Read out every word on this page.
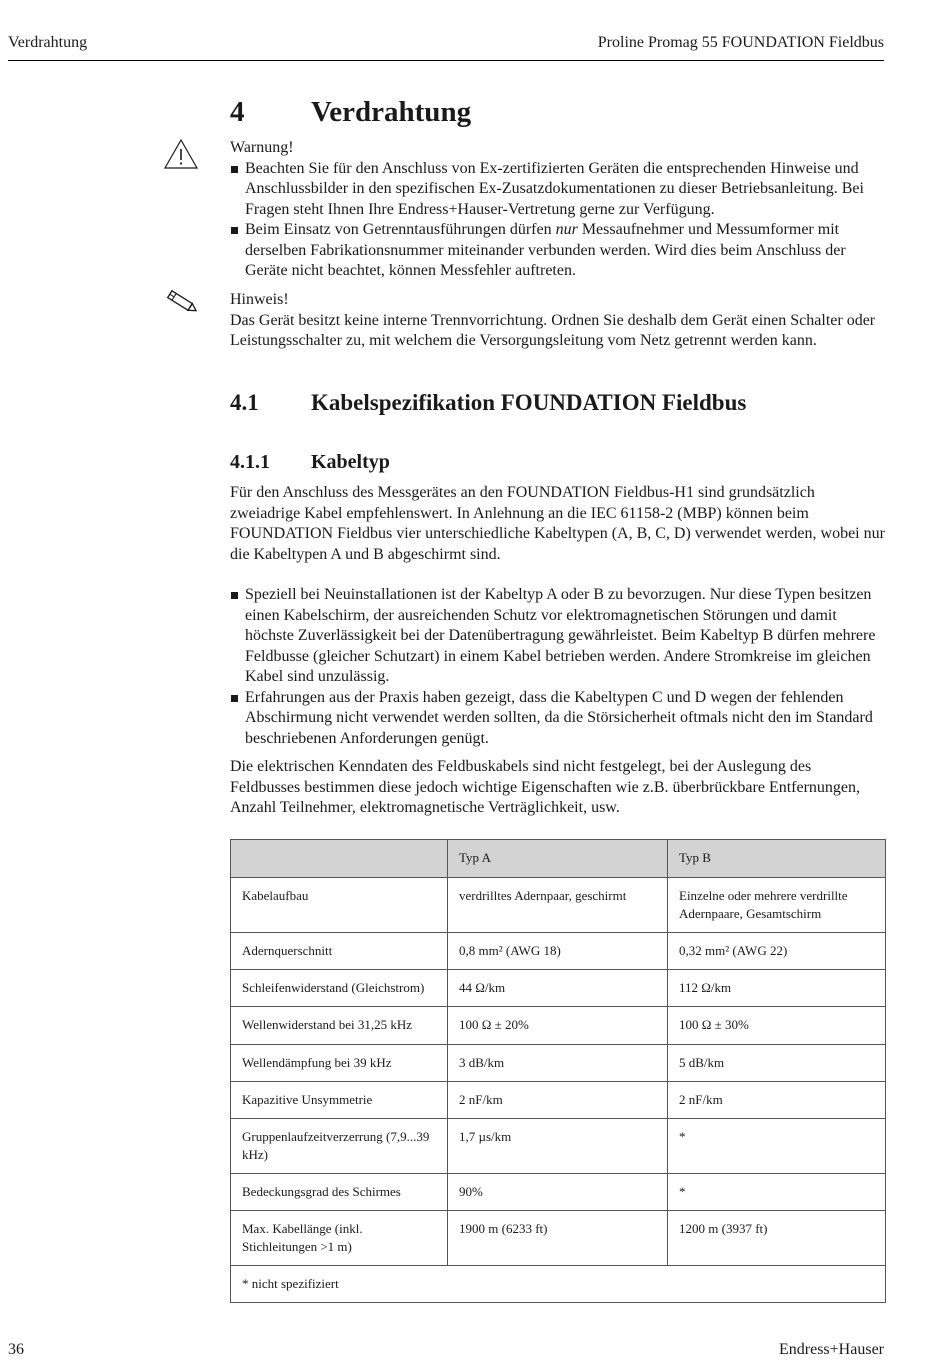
Verdrahtung	Proline Promag 55 FOUNDATION Fieldbus
4 Verdrahtung

Warnung!

Beachten Sie für den Anschluss von Ex-zertifizierten Geräten die entsprechenden Hinweise und Anschlussbilder in den spezifischen Ex-Zusatzdokumentationen zu dieser Betriebsanleitung. Bei Fragen steht Ihnen Ihre Endress+Hauser-Vertretung gerne zur Verfügung.

Beim Einsatz von Getrenntausführungen dürfen nur Messaufnehmer und Messumformer mit derselben Fabrikationsnummer miteinander verbunden werden. Wird dies beim Anschluss der Geräte nicht beachtet, können Messfehler auftreten.

Hinweis!

Das Gerät besitzt keine interne Trennvorrichtung. Ordnen Sie deshalb dem Gerät einen Schalter oder Leistungsschalter zu, mit welchem die Versorgungsleitung vom Netz getrennt werden kann.

4.1 Kabelspezifikation FOUNDATION Fieldbus
4.1.1 Kabeltyp
Für den Anschluss des Messgerätes an den FOUNDATION Fieldbus-H1 sind grundsätzlich zweiadrige Kabel empfehlenswert. In Anlehnung an die IEC 61158-2 (MBP) können beim FOUNDATION Fieldbus vier unterschiedliche Kabeltypen (A, B, C, D) verwendet werden, wobei nur die Kabeltypen A und B abgeschirmt sind.

Speziell bei Neuinstallationen ist der Kabeltyp A oder B zu bevorzugen. Nur diese Typen besitzen einen Kabelschirm, der ausreichenden Schutz vor elektromagnetischen Störungen und damit höchste Zuverlässigkeit bei der Datenübertragung gewährleistet. Beim Kabeltyp B dürfen mehrere Feldbusse (gleicher Schutzart) in einem Kabel betrieben werden. Andere Stromkreise im gleichen Kabel sind unzulässig.

Erfahrungen aus der Praxis haben gezeigt, dass die Kabeltypen C und D wegen der fehlenden Abschirmung nicht verwendet werden sollten, da die Störsicherheit oftmals nicht den im Standard beschriebenen Anforderungen genügt.

Die elektrischen Kenndaten des Feldbuskabels sind nicht festgelegt, bei der Auslegung des Feldbusses bestimmen diese jedoch wichtige Eigenschaften wie z.B. überbrückbare Entfernungen, Anzahl Teilnehmer, elektromagnetische Verträglichkeit, usw.
	Typ A	Typ B
Kabelaufbau	verdrilltes Adernpaar, geschirmt	Einzelne oder mehrere verdrillte Adernpaare, Gesamtschirm
Adernquerschnitt	0,8 mm² (AWG 18)	0,32 mm² (AWG 22)
Schleifenwiderstand (Gleichstrom)	44 Ω/km	112 Ω/km
Wellenwiderstand bei 31,25 kHz	100 Ω ± 20%	100 Ω ± 30%
Wellendämpfung bei 39 kHz	3 dB/km	5 dB/km
Kapazitive Unsymmetrie	2 nF/km	2 nF/km
Gruppenlaufzeitverzerrung (7,9...39 kHz)	1,7 µs/km	*
Bedeckungsgrad des Schirmes	90%	*
Max. Kabellänge (inkl. Stichleitungen >1 m)	1900 m (6233 ft)	1200 m (3937 ft)
* nicht spezifiziert		
36	Endress+Hauser
